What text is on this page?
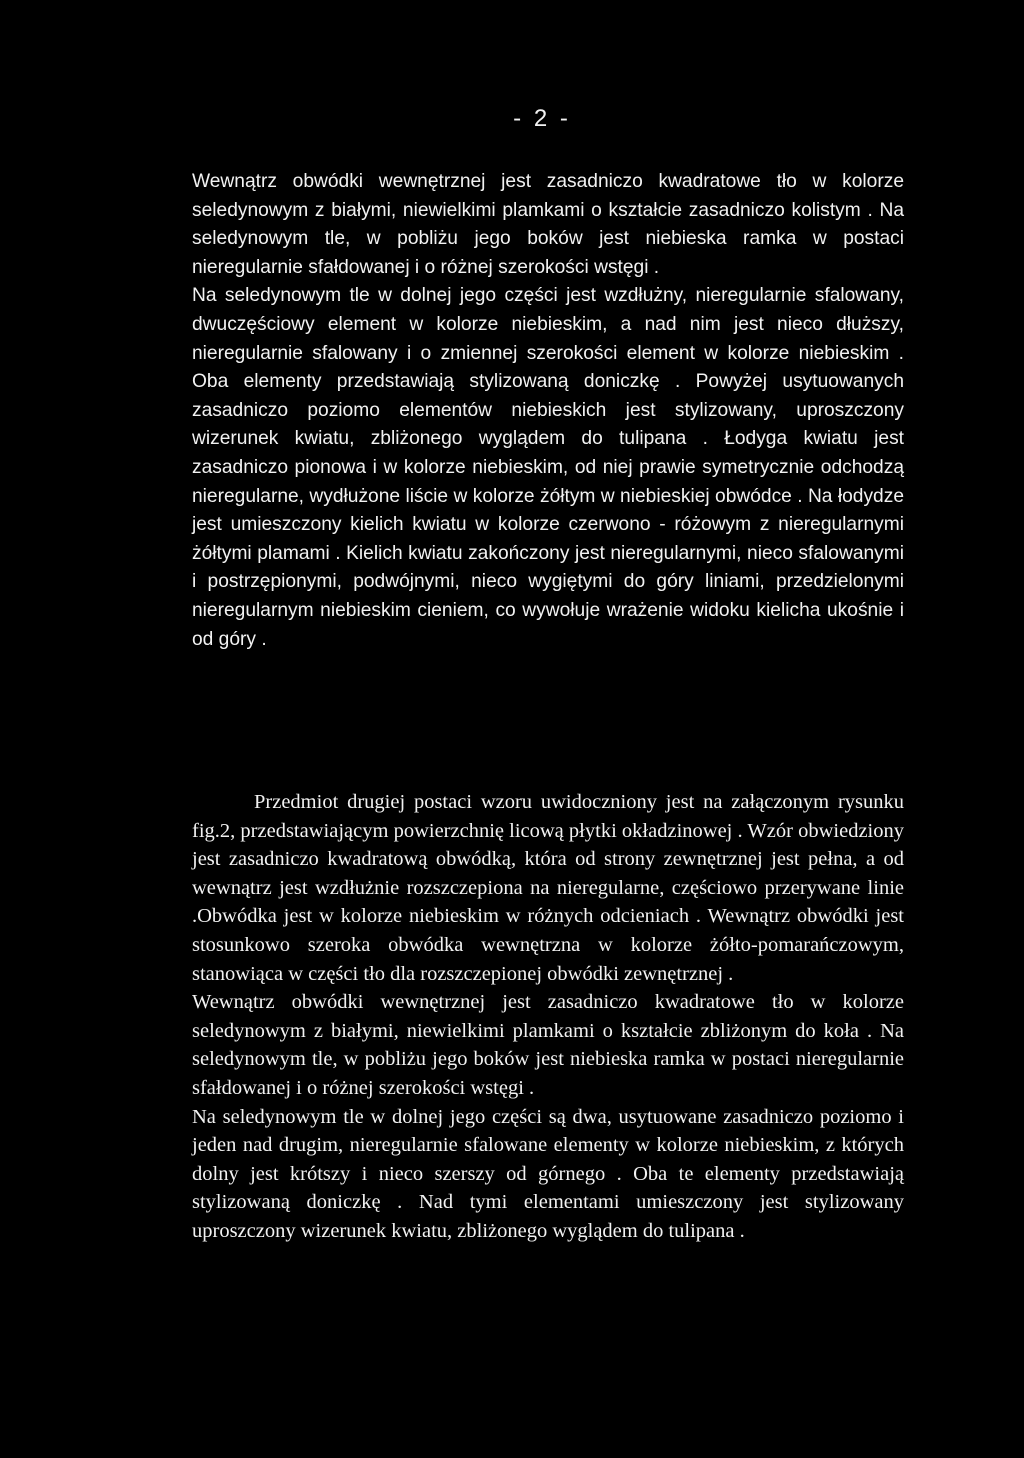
- 2 -

Wewnątrz obwódki wewnętrznej jest zasadniczo kwadratowe tło w kolorze seledynowym z białymi, niewielkimi plamkami o kształcie zasadniczo kolistym . Na seledynowym tle, w pobliżu jego boków jest niebieska ramka w postaci nieregularnie sfałdowanej i o różnej szerokości wstęgi .

Na seledynowym tle w dolnej jego części jest wzdłużny, nieregularnie sfalowany, dwuczęściowy element w kolorze niebieskim, a nad nim jest nieco dłuższy, nieregularnie sfalowany i o zmiennej szerokości element w kolorze niebieskim . Oba elementy przedstawiają stylizowaną doniczkę . Powyżej usytuowanych zasadniczo poziomo elementów niebieskich jest stylizowany, uproszczony wizerunek kwiatu, zbliżonego wyglądem do tulipana . Łodyga kwiatu jest zasadniczo pionowa i w kolorze niebieskim, od niej prawie symetrycznie odchodzą nieregularne, wydłużone liście w kolorze żółtym w niebieskiej obwódce . Na łodydze jest umieszczony kielich kwiatu w kolorze czerwono - różowym z nieregularnymi żółtymi plamami . Kielich kwiatu zakończony jest nieregularnymi, nieco sfalowanymi i postrzępionymi, podwójnymi, nieco wygiętymi do góry liniami, przedzielonymi nieregularnym niebieskim cieniem, co wywołuje wrażenie widoku kielicha ukośnie i od góry .

Przedmiot drugiej postaci wzoru uwidoczniony jest na załączonym rysunku fig.2, przedstawiającym powierzchnię licową płytki okładzinowej . Wzór obwiedziony jest zasadniczo kwadratową obwódką, która od strony zewnętrznej jest pełna, a od wewnątrz jest wzdłużnie rozszczepiona na nieregularne, częściowo przerywane linie .Obwódka jest w kolorze niebieskim w różnych odcieniach . Wewnątrz obwódki jest stosunkowo szeroka obwódka wewnętrzna w kolorze żółto-pomarańczowym, stanowiąca w części tło dla rozszczepionej obwódki zewnętrznej .

Wewnątrz obwódki wewnętrznej jest zasadniczo kwadratowe tło w kolorze seledynowym z białymi, niewielkimi plamkami o kształcie zbliżonym do koła . Na seledynowym tle, w pobliżu jego boków jest niebieska ramka w postaci nieregularnie sfałdowanej i o różnej szerokości wstęgi .

Na seledynowym tle w dolnej jego części są dwa, usytuowane zasadniczo poziomo i jeden nad drugim, nieregularnie sfalowane elementy w kolorze niebieskim, z których dolny jest krótszy i nieco szerszy od górnego . Oba te elementy przedstawiają stylizowaną doniczkę . Nad tymi elementami umieszczony jest stylizowany uproszczony wizerunek kwiatu, zbliżonego wyglądem do tulipana .
